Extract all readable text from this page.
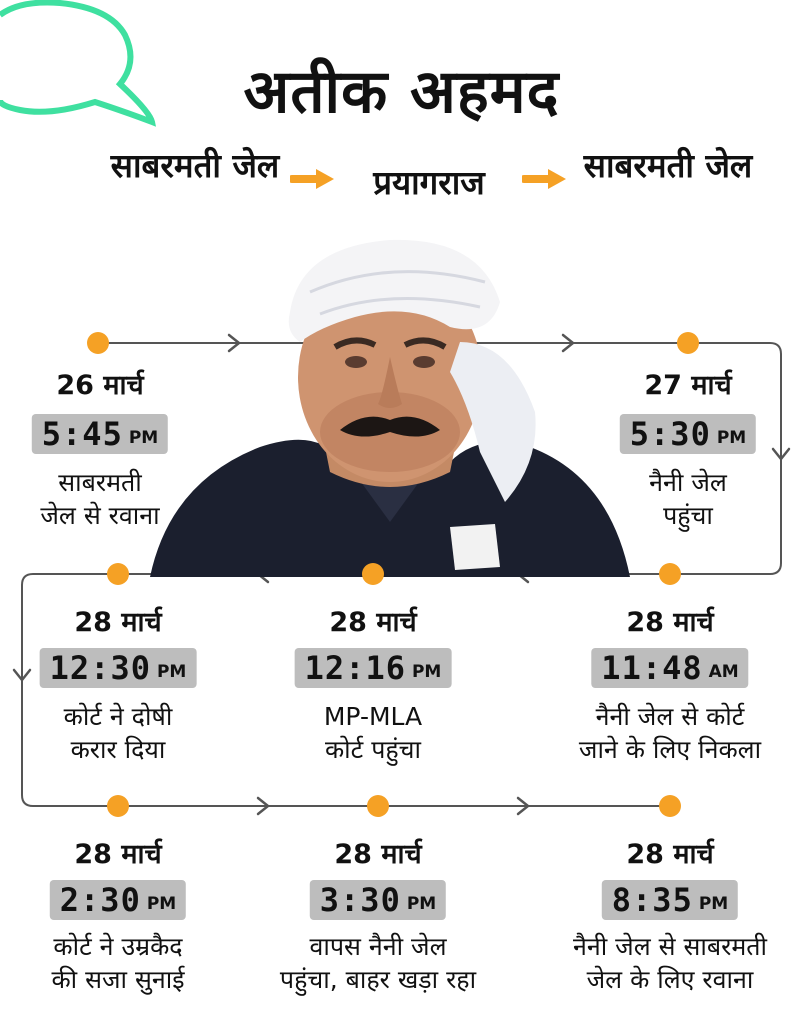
अतीक अहमद
साबरमती जेल	प्रयागराज	साबरमती जेल
26 मार्च
5:45 PM
साबरमती
जेल से रवाना
27 मार्च
5:30 PM
नैनी जेल
पहुंचा
28 मार्च
11:48 AM
नैनी जेल से कोर्ट
जाने के लिए निकला
28 मार्च
12:16 PM
MP-MLA
कोर्ट पहुंचा
28 मार्च
12:30 PM
कोर्ट ने दोषी
करार दिया
28 मार्च
2:30 PM
कोर्ट ने उम्रकैद
की सजा सुनाई
28 मार्च
3:30 PM
वापस नैनी जेल
पहुंचा, बाहर खड़ा रहा
28 मार्च
8:35 PM
नैनी जेल से साबरमती
जेल के लिए रवाना
